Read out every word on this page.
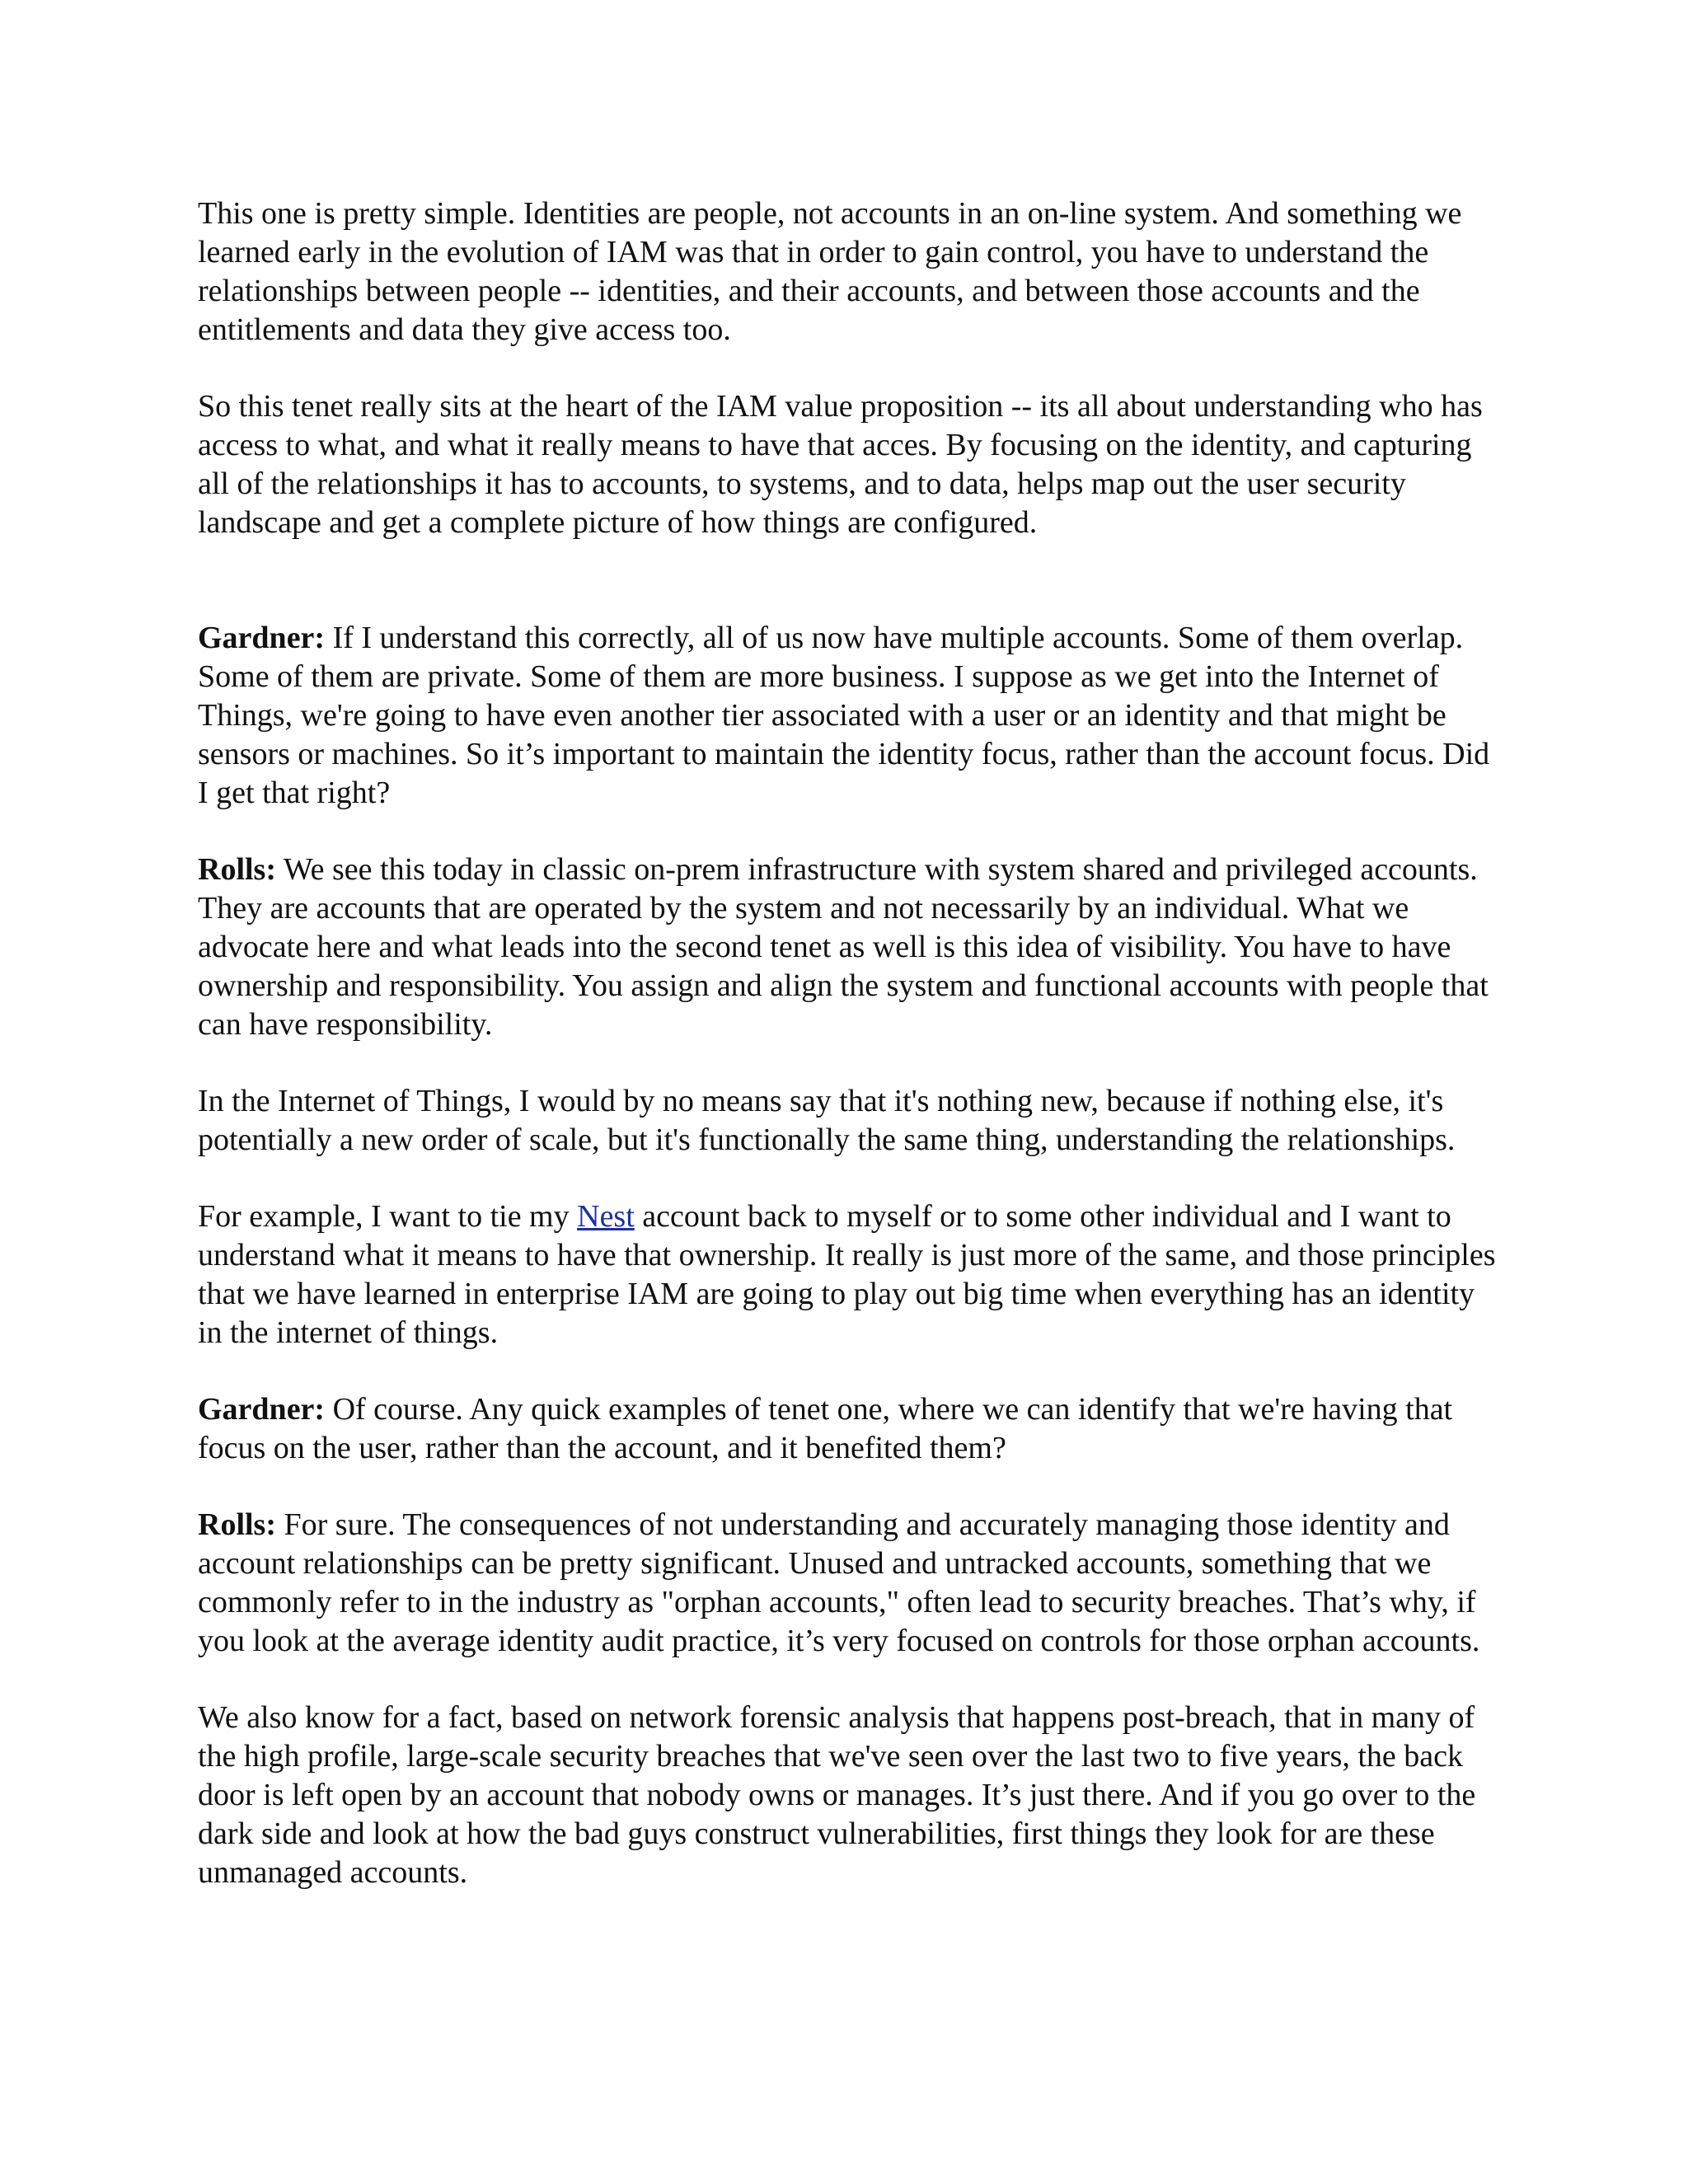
This one is pretty simple. Identities are people, not accounts in an on-line system. And something we learned early in the evolution of IAM was that in order to gain control, you have to understand the relationships between people -- identities, and their accounts, and between those accounts and the entitlements and data they give access too.

So this tenet really sits at the heart of the IAM value proposition -- its all about understanding who has access to what, and what it really means to have that acces. By focusing on the identity, and capturing all of the relationships it has to accounts, to systems, and to data, helps map out the user security landscape and get a complete picture of how things are configured.

Gardner: If I understand this correctly, all of us now have multiple accounts. Some of them overlap. Some of them are private. Some of them are more business. I suppose as we get into the Internet of Things, we're going to have even another tier associated with a user or an identity and that might be sensors or machines. So it’s important to maintain the identity focus, rather than the account focus. Did I get that right?

Rolls: We see this today in classic on-prem infrastructure with system shared and privileged accounts. They are accounts that are operated by the system and not necessarily by an individual. What we advocate here and what leads into the second tenet as well is this idea of visibility. You have to have ownership and responsibility. You assign and align the system and functional accounts with people that can have responsibility.

In the Internet of Things, I would by no means say that it's nothing new, because if nothing else, it's potentially a new order of scale, but it's functionally the same thing, understanding the relationships.

For example, I want to tie my Nest account back to myself or to some other individual and I want to understand what it means to have that ownership. It really is just more of the same, and those principles that we have learned in enterprise IAM are going to play out big time when everything has an identity in the internet of things.

Gardner: Of course. Any quick examples of tenet one, where we can identify that we're having that focus on the user, rather than the account, and it benefited them?

Rolls: For sure. The consequences of not understanding and accurately managing those identity and account relationships can be pretty significant. Unused and untracked accounts, something that we commonly refer to in the industry as "orphan accounts," often lead to security breaches. That’s why, if you look at the average identity audit practice, it’s very focused on controls for those orphan accounts.

We also know for a fact, based on network forensic analysis that happens post-breach, that in many of the high profile, large-scale security breaches that we've seen over the last two to five years, the back door is left open by an account that nobody owns or manages. It’s just there. And if you go over to the dark side and look at how the bad guys construct vulnerabilities, first things they look for are these unmanaged accounts.
